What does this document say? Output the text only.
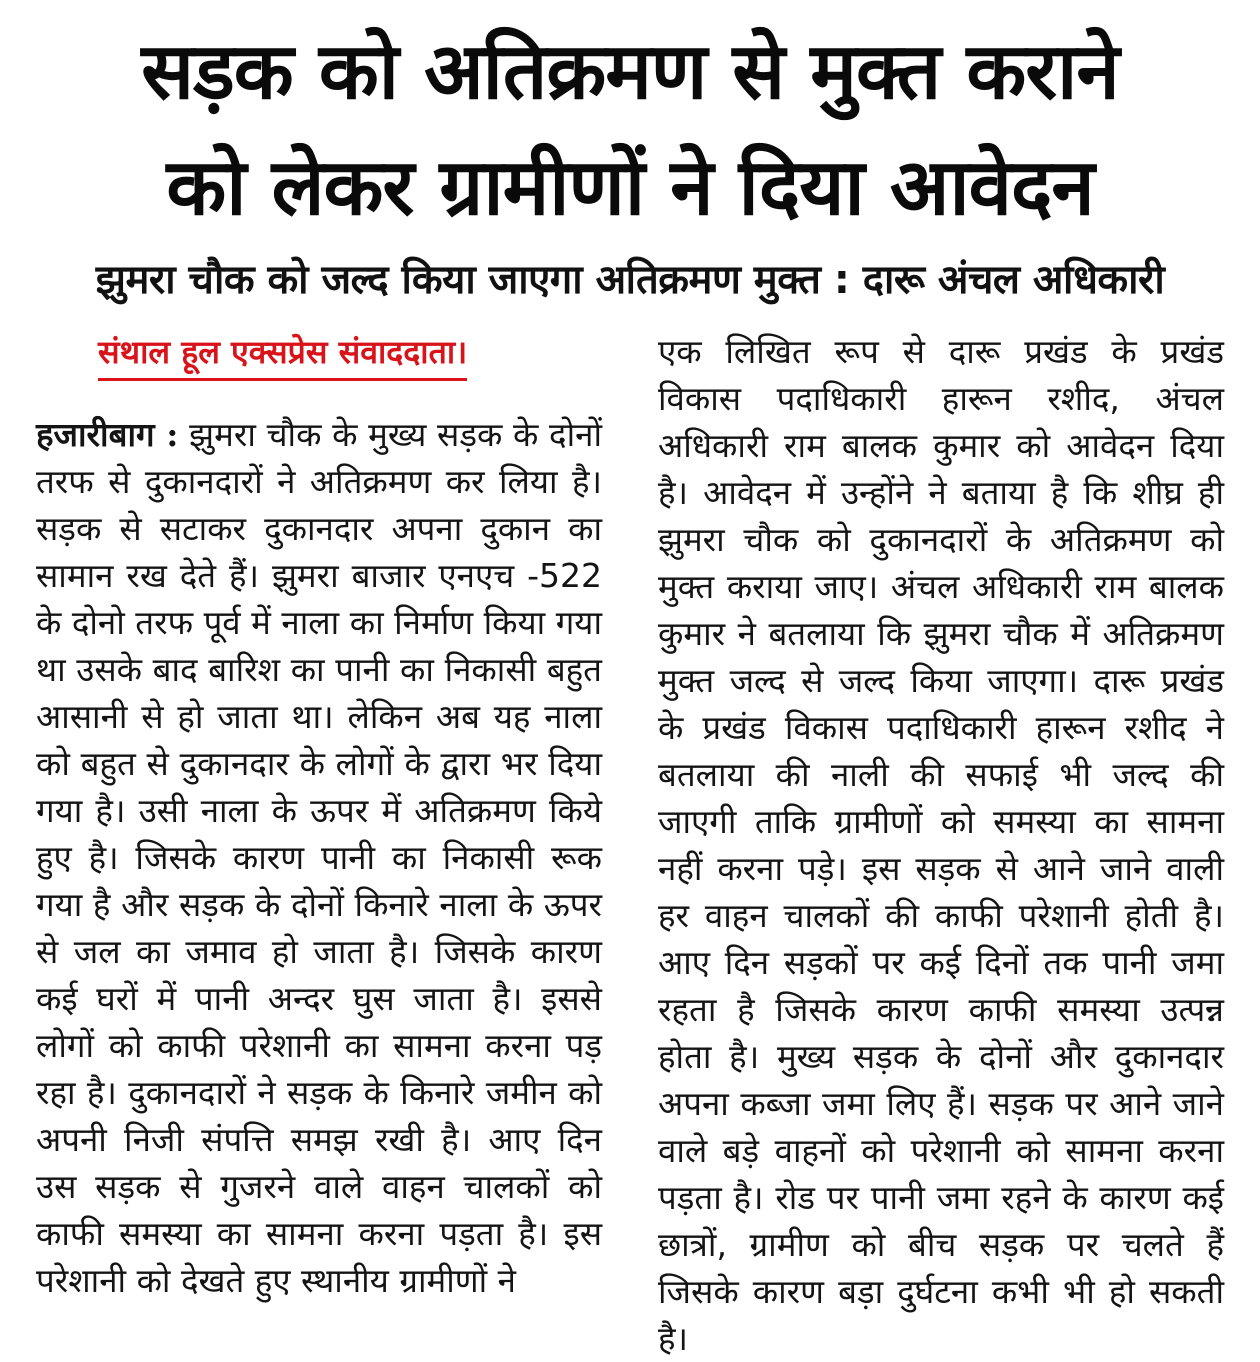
सड़क को अतिक्रमण से मुक्त कराने
को लेकर ग्रामीणों ने दिया आवेदन
झुमरा चौक को जल्द किया जाएगा अतिक्रमण मुक्त : दारू अंचल अधिकारी
संथाल हूल एक्सप्रेस संवाददाता।

हजारीबाग : झुमरा चौक के मुख्य सड़क के दोनों तरफ से दुकानदारों ने अतिक्रमण कर लिया है। सड़क से सटाकर दुकानदार अपना दुकान का सामान रख देते हैं। झुमरा बाजार एनएच -522 के दोनो तरफ पूर्व में नाला का निर्माण किया गया था उसके बाद बारिश का पानी का निकासी बहुत आसानी से हो जाता था। लेकिन अब यह नाला को बहुत से दुकानदार के लोगों के द्वारा भर दिया गया है। उसी नाला के ऊपर में अतिक्रमण किये हुए है। जिसके कारण पानी का निकासी रूक गया है और सड़क के दोनों किनारे नाला के ऊपर से जल का जमाव हो जाता है। जिसके कारण कई घरों में पानी अन्दर घुस जाता है। इससे लोगों को काफी परेशानी का सामना करना पड़ रहा है। दुकानदारों ने सड़क के किनारे जमीन को अपनी निजी संपत्ति समझ रखी है। आए दिन उस सड़क से गुजरने वाले वाहन चालकों को काफी समस्या का सामना करना पड़ता है। इस परेशानी को देखते हुए स्थानीय ग्रामीणों ने

एक लिखित रूप से दारू प्रखंड के प्रखंड विकास पदाधिकारी हारून रशीद, अंचल अधिकारी राम बालक कुमार को आवेदन दिया है। आवेदन में उन्होंने ने बताया है कि शीघ्र ही झुमरा चौक को दुकानदारों के अतिक्रमण को मुक्त कराया जाए। अंचल अधिकारी राम बालक कुमार ने बतलाया कि झुमरा चौक में अतिक्रमण मुक्त जल्द से जल्द किया जाएगा। दारू प्रखंड के प्रखंड विकास पदाधिकारी हारून रशीद ने बतलाया की नाली की सफाई भी जल्द की जाएगी ताकि ग्रामीणों को समस्या का सामना नहीं करना पड़े। इस सड़क से आने जाने वाली हर वाहन चालकों की काफी परेशानी होती है। आए दिन सड़कों पर कई दिनों तक पानी जमा रहता है जिसके कारण काफी समस्या उत्पन्न होता है। मुख्य सड़क के दोनों और दुकानदार अपना कब्जा जमा लिए हैं। सड़क पर आने जाने वाले बड़े वाहनों को परेशानी को सामना करना पड़ता है। रोड पर पानी जमा रहने के कारण कई छात्रों, ग्रामीण को बीच सड़क पर चलते हैं जिसके कारण बड़ा दुर्घटना कभी भी हो सकती है।
